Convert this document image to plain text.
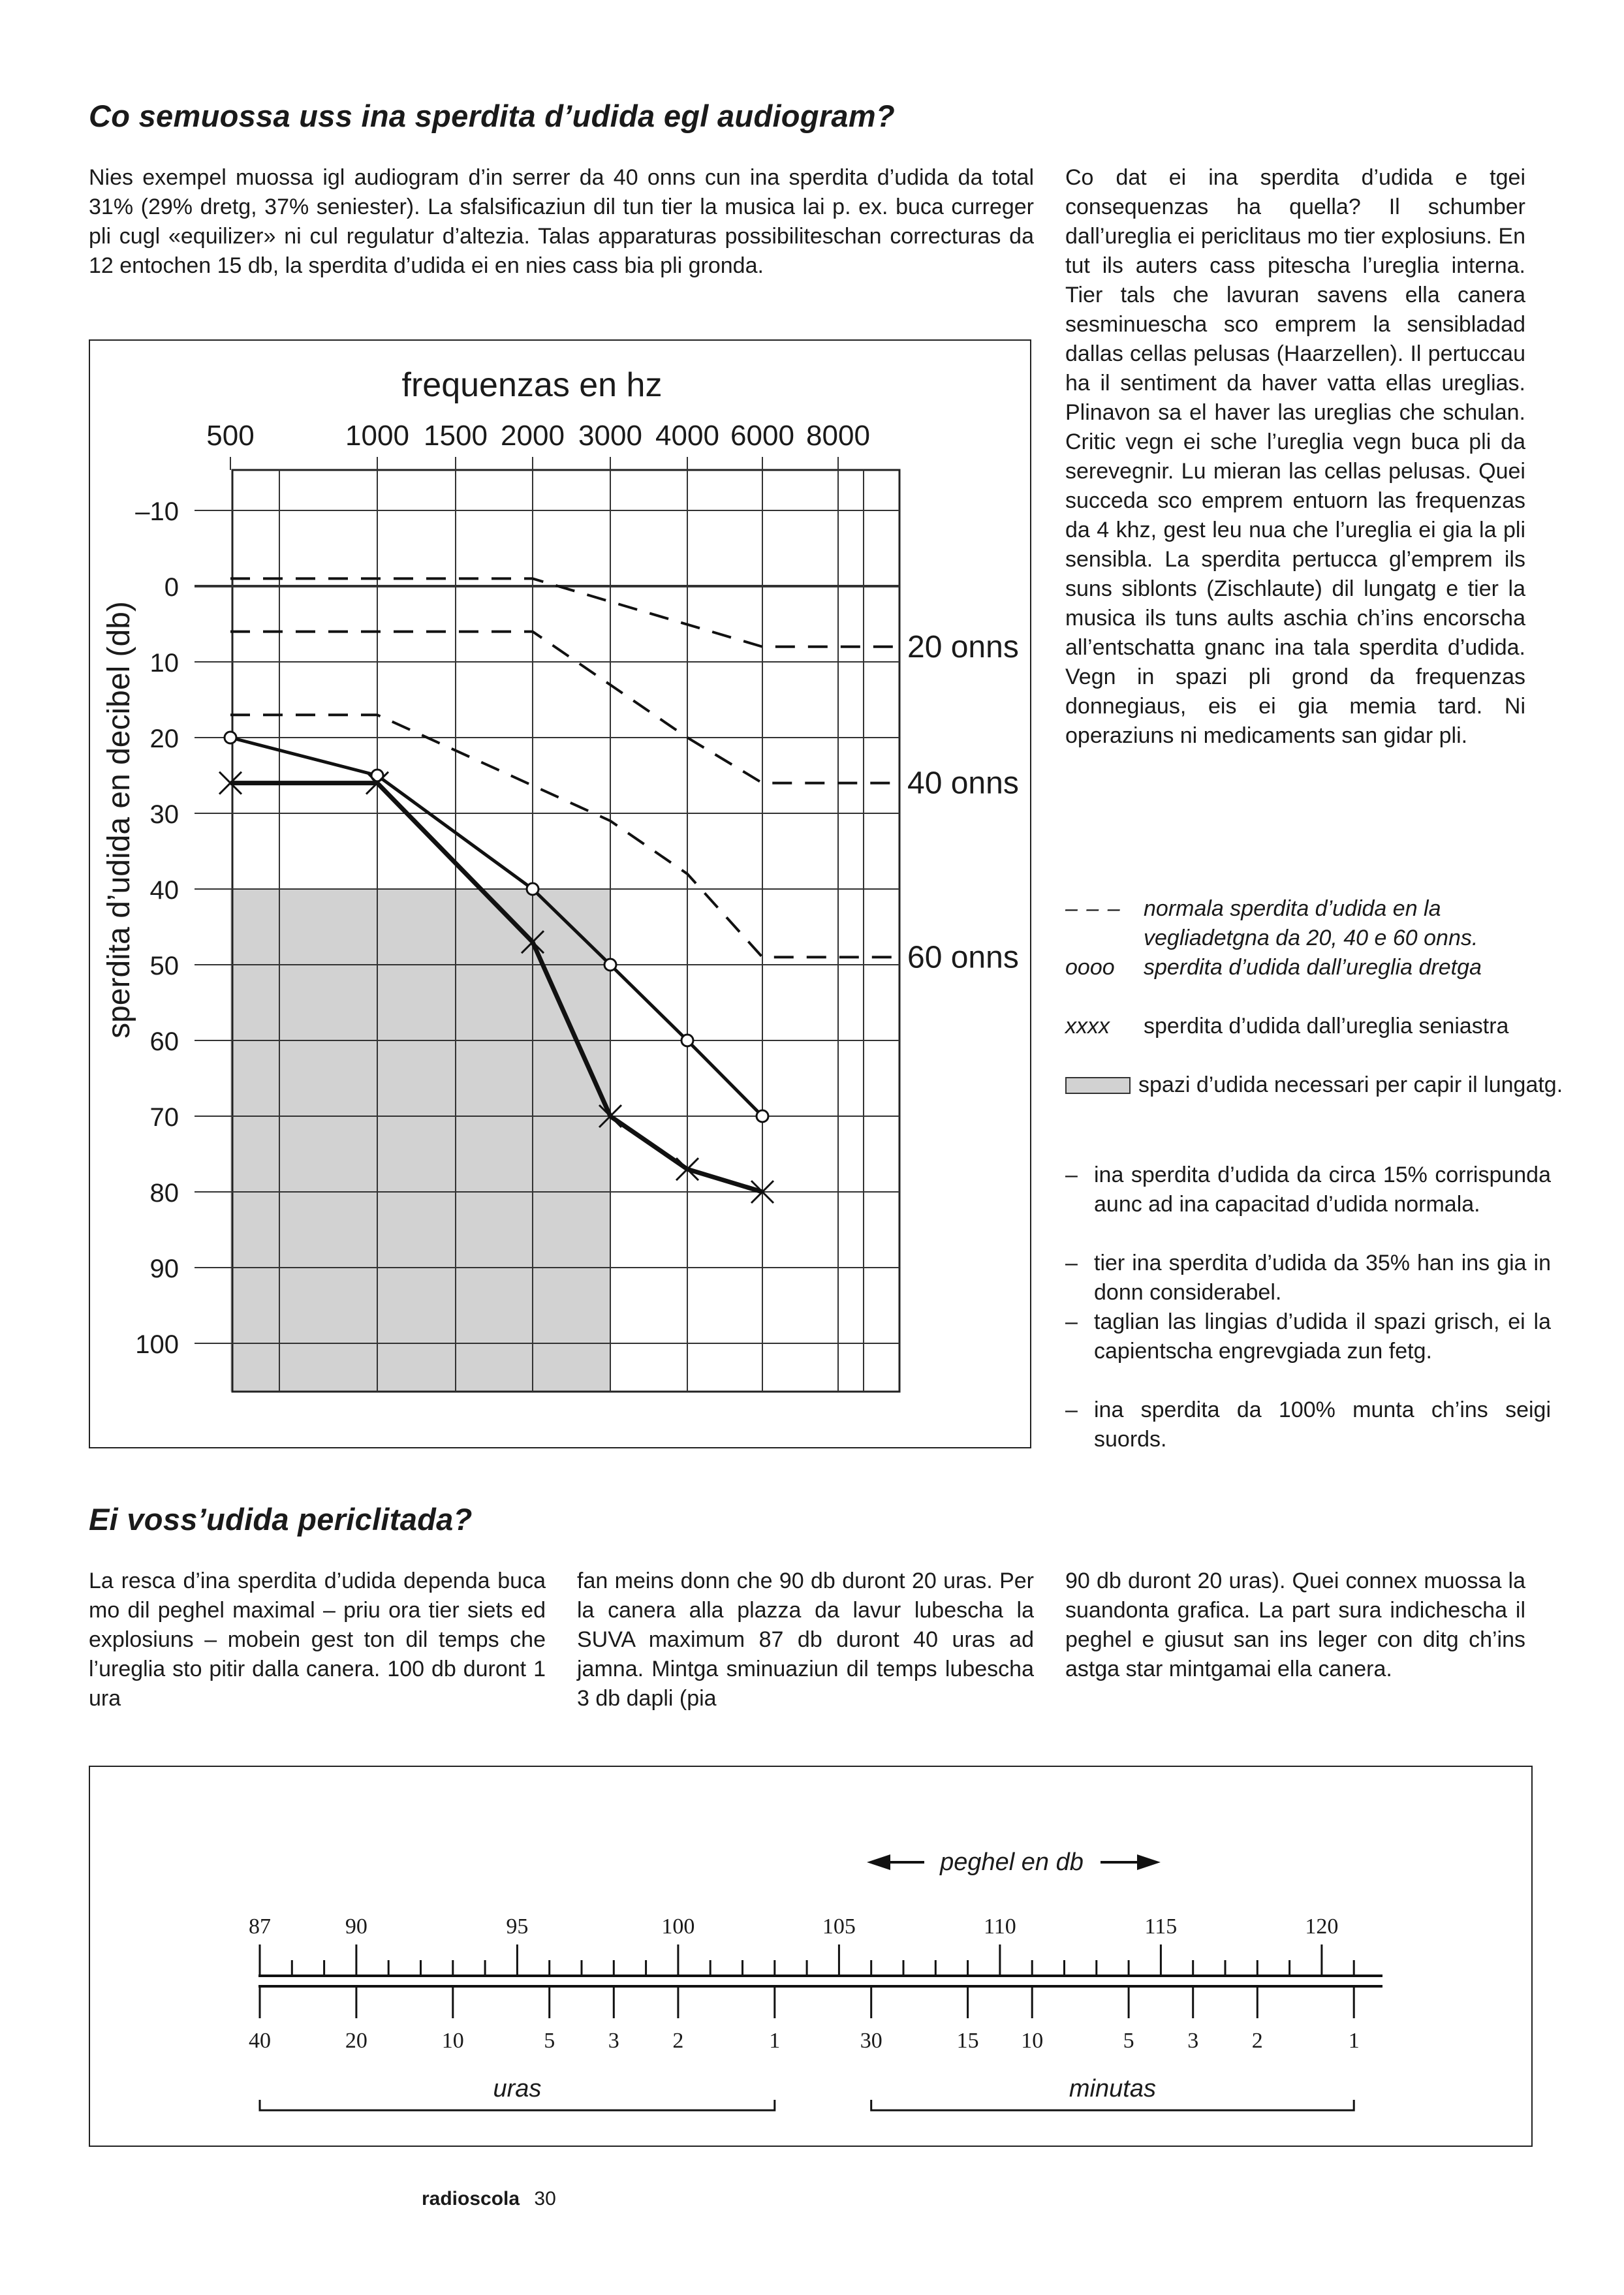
Co semuossa uss ina sperdita d’udida egl audiogram?

Nies exempel muossa igl audiogram d’in serrer da 40 onns cun ina sperdita d’udida da total 31% (29% dretg, 37% seniester). La sfalsificaziun dil tun tier la musica lai p. ex. buca curreger pli cugl «equilizer» ni cul regulatur d’altezia. Talas apparaturas possibiliteschan correcturas da 12 entochen 15 db, la sperdita d’udida ei en nies cass bia pli gronda.

Co dat ei ina sperdita d’udida e tgei consequenzas ha quella? Il schumber dall’ureglia ei periclitaus mo tier explosiuns. En tut ils auters cass pitescha l’ureglia interna. Tier tals che lavuran savens ella canera sesminuescha sco emprem la sensibladad dallas cellas pelusas (Haarzellen). Il pertuccau ha il sentiment da haver vatta ellas ureglias. Plinavon sa el haver las ureglias che schulan. Critic vegn ei sche l’ureglia vegn buca pli da serevegnir. Lu mieran las cellas pelusas. Quei succeda sco emprem entuorn las frequenzas da 4 khz, gest leu nua che l’ureglia ei gia la pli sensibla. La sperdita pertucca gl’emprem ils suns siblonts (Zischlaute) dil lungatg e tier la musica ils tuns aults aschia ch’ins encorscha all’entschatta gnanc ina tala sperdita d’udida. Vegn in spazi pli grond da frequenzas donnegiaus, eis ei gia memia tard. Ni operaziuns ni medicaments san gidar pli.

500	1000 1500 2000 3000 4000 6000 8000
–10
0
10
20
30
40
50
60
70
80
90
100
frequenzas en hz
sperdita d’udida en decibel (db)	20 onns
40 onns
60 onns
– – – normala sperdita d’udida en la vegliadetgna da 20, 40 e 60 onns.
oooo sperdita d’udida dall’ureglia dretga
xxxx sperdita d’udida dall’ureglia seniastra
spazi d’udida necessari per capir il lungatg.
– ina sperdita d’udida da circa 15% corrispunda aunc ad ina capacitad d’udida normala.
– tier ina sperdita d’udida da 35% han ins gia in donn considerabel.
– taglian las lingias d’udida il spazi grisch, ei la capientscha engrevgiada zun fetg.
– ina sperdita da 100% munta ch’ins seigi suords.
Ei voss’udida periclitada?

La resca d’ina sperdita d’udida dependa buca mo dil peghel maximal – priu ora tier siets ed explosiuns – mobein gest ton dil temps che l’ureglia sto pitir dalla canera. 100 db duront 1 ura

fan meins donn che 90 db duront 20 uras. Per la canera alla plazza da lavur lubescha la SUVA maximum 87 db duront 40 uras ad jamna. Mintga sminuaziun dil temps lubescha 3 db dapli (pia

90 db duront 20 uras). Quei connex muossa la suandonta grafica. La part sura indichescha il peghel e giusut san ins leger con ditg ch’ins astga star mintgamai ella canera.

peghel en db
87	90	95	100	105	110	115	120
40	20	10	5 3 2	1	30	15 10	5 3 2	1
uras	minutas
radioscola 30
